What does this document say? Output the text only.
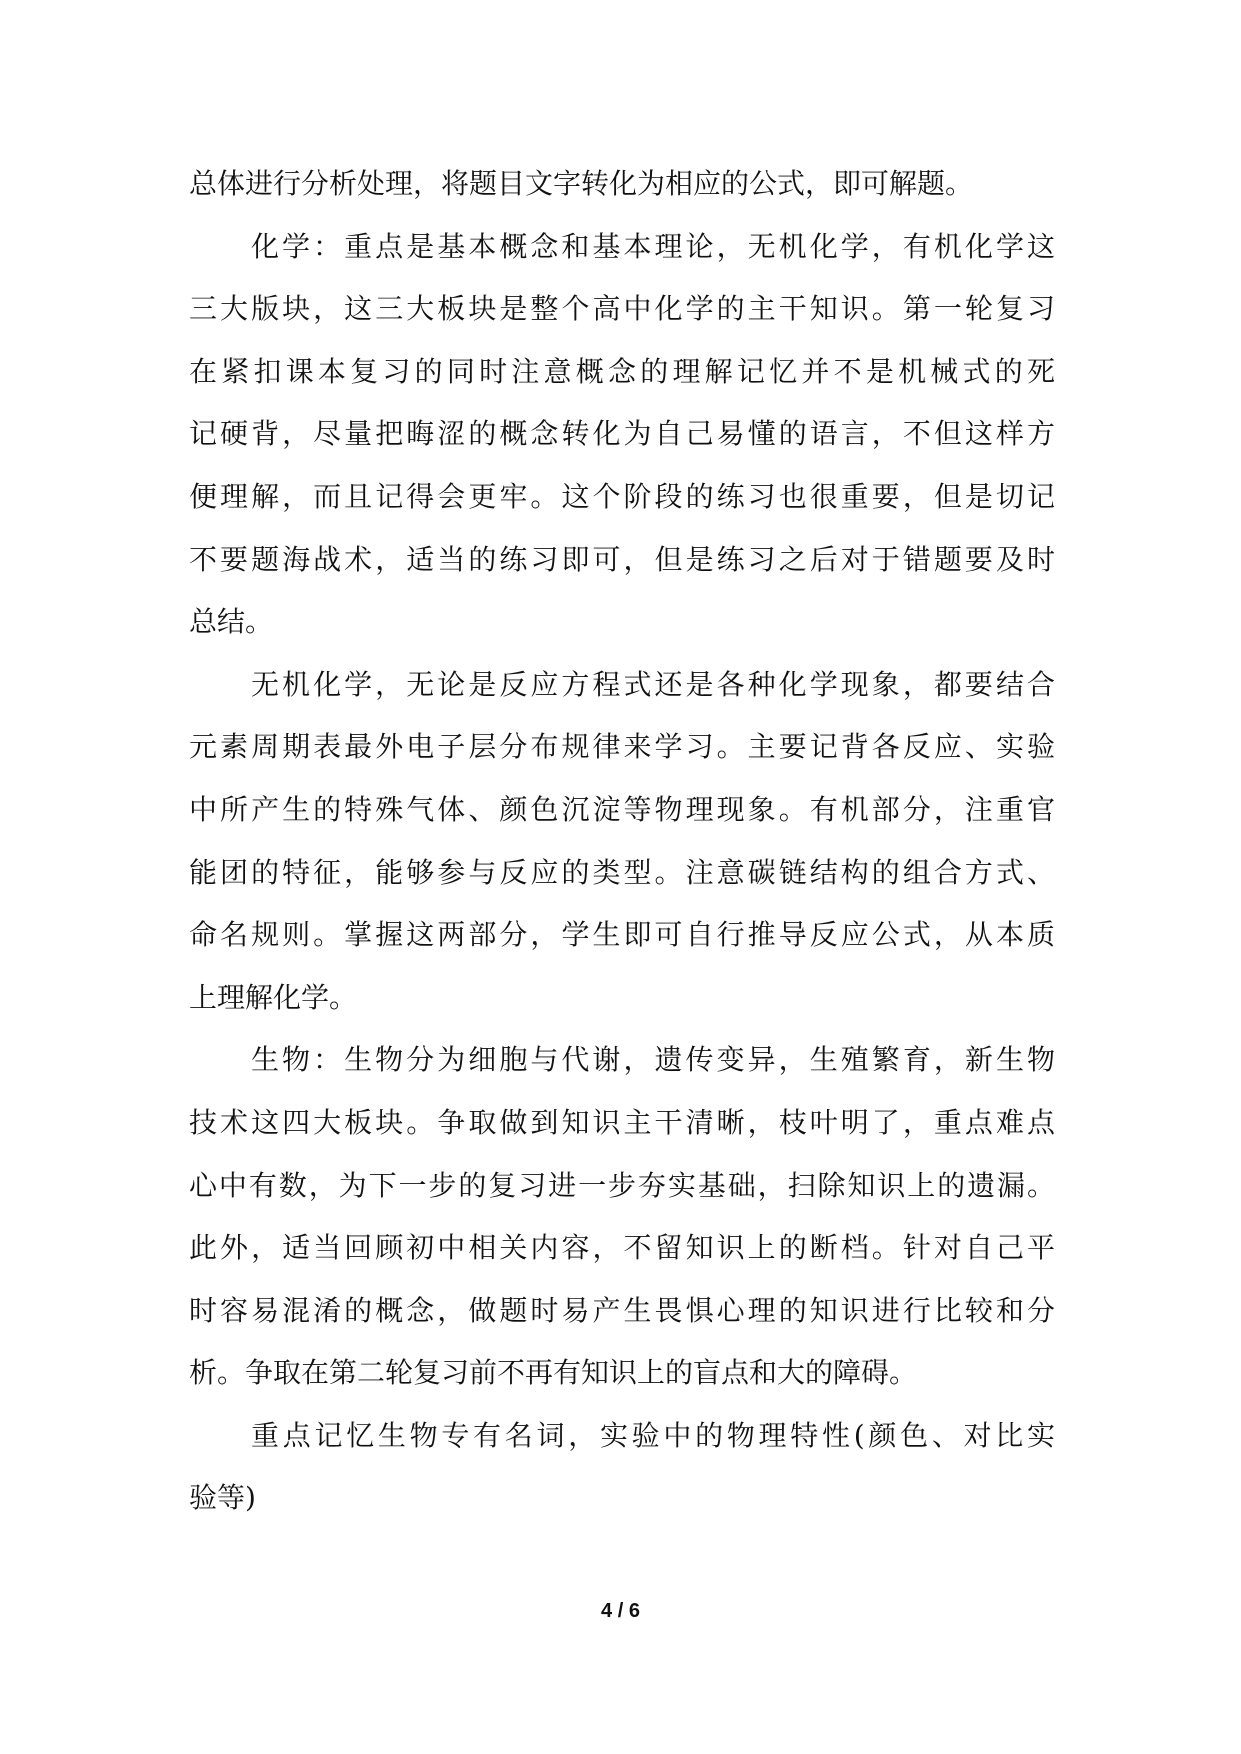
总体进行分析处理，将题目文字转化为相应的公式，即可解题。
化学：重点是基本概念和基本理论，无机化学，有机化学这
三大版块，这三大板块是整个高中化学的主干知识。第一轮复习
在紧扣课本复习的同时注意概念的理解记忆并不是机械式的死
记硬背，尽量把晦涩的概念转化为自己易懂的语言，不但这样方
便理解，而且记得会更牢。这个阶段的练习也很重要，但是切记
不要题海战术，适当的练习即可，但是练习之后对于错题要及时
总结。
无机化学，无论是反应方程式还是各种化学现象，都要结合
元素周期表最外电子层分布规律来学习。主要记背各反应、实验
中所产生的特殊气体、颜色沉淀等物理现象。有机部分，注重官
能团的特征，能够参与反应的类型。注意碳链结构的组合方式、
命名规则。掌握这两部分，学生即可自行推导反应公式，从本质
上理解化学。
生物：生物分为细胞与代谢，遗传变异，生殖繁育，新生物
技术这四大板块。争取做到知识主干清晰，枝叶明了，重点难点
心中有数，为下一步的复习进一步夯实基础，扫除知识上的遗漏。
此外，适当回顾初中相关内容，不留知识上的断档。针对自己平
时容易混淆的概念，做题时易产生畏惧心理的知识进行比较和分
析。争取在第二轮复习前不再有知识上的盲点和大的障碍。
重点记忆生物专有名词，实验中的物理特性(颜色、对比实
验等)
4 / 6
